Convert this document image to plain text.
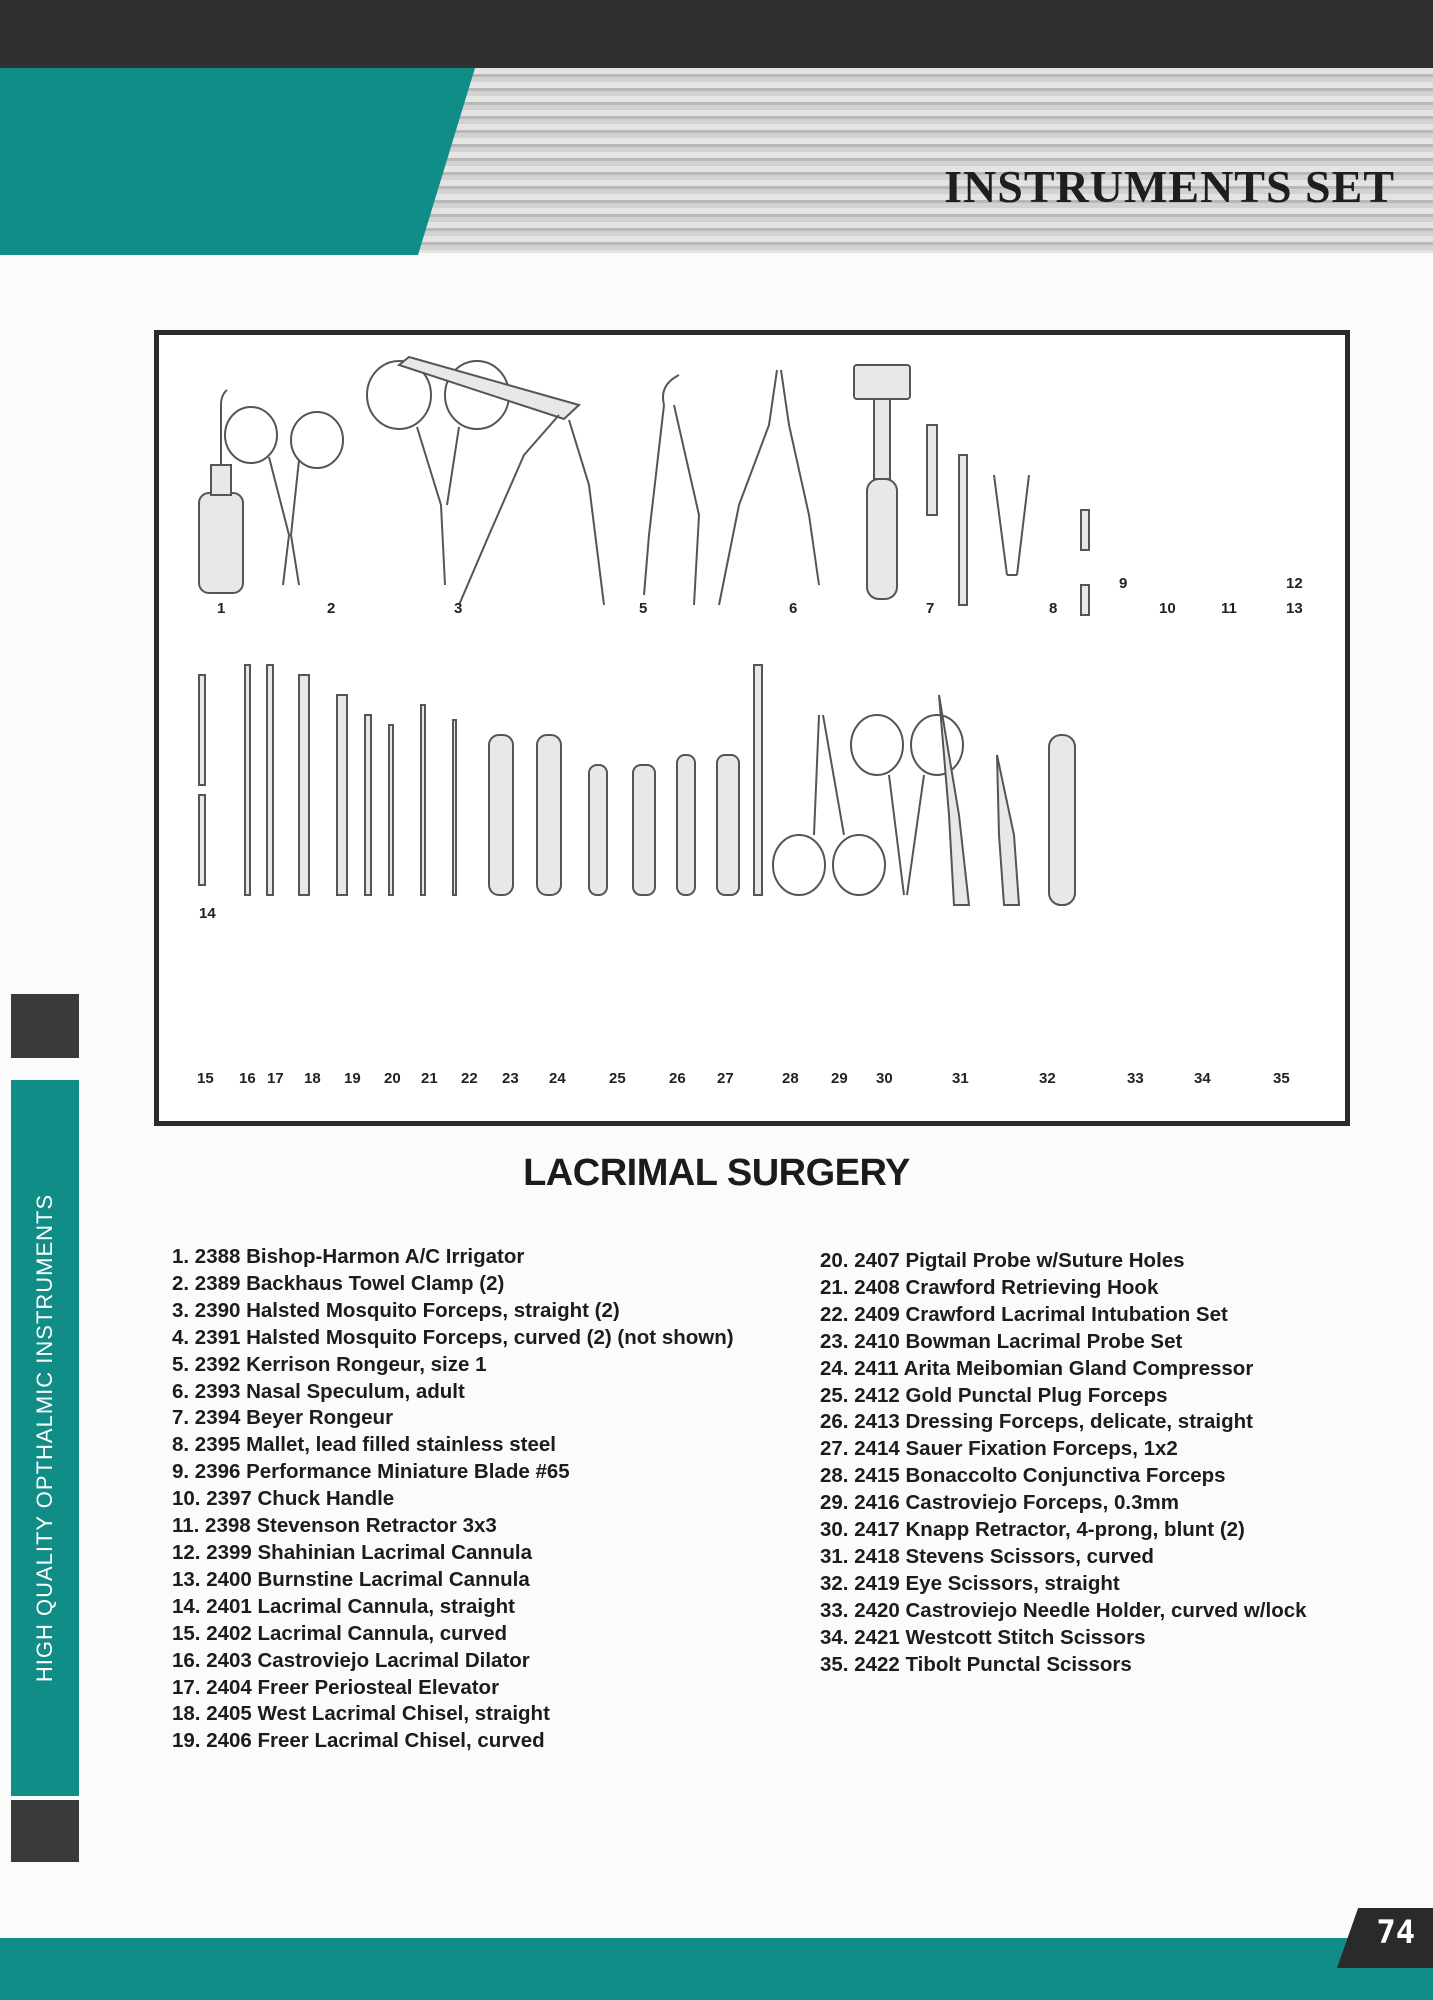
INSTRUMENTS SET
HIGH QUALITY OPTHALMIC INSTRUMENTS
1	2	3	5	6	7	8
9
10	11
12
13
14
15 16 17 18 19 20 21 22 23 24	25	26 27	28 29 30	31	32	33	34	35
LACRIMAL SURGERY
1. 2388 Bishop-Harmon A/C Irrigator
2. 2389 Backhaus Towel Clamp (2)
3. 2390 Halsted Mosquito Forceps, straight (2)
4. 2391 Halsted Mosquito Forceps, curved (2) (not shown)
5. 2392 Kerrison Rongeur, size 1
6. 2393 Nasal Speculum, adult
7. 2394 Beyer Rongeur
8. 2395 Mallet, lead filled stainless steel
9. 2396 Performance Miniature Blade #65
10. 2397 Chuck Handle
11. 2398 Stevenson Retractor 3x3
12. 2399 Shahinian Lacrimal Cannula
13. 2400 Burnstine Lacrimal Cannula
14. 2401 Lacrimal Cannula, straight
15. 2402 Lacrimal Cannula, curved
16. 2403 Castroviejo Lacrimal Dilator
17. 2404 Freer Periosteal Elevator
18. 2405 West Lacrimal Chisel, straight
19. 2406 Freer Lacrimal Chisel, curved
20. 2407 Pigtail Probe w/Suture Holes
21. 2408 Crawford Retrieving Hook
22. 2409 Crawford Lacrimal Intubation Set
23. 2410 Bowman Lacrimal Probe Set
24. 2411 Arita Meibomian Gland Compressor
25. 2412 Gold Punctal Plug Forceps
26. 2413 Dressing Forceps, delicate, straight
27. 2414 Sauer Fixation Forceps, 1x2
28. 2415 Bonaccolto Conjunctiva Forceps
29. 2416 Castroviejo Forceps, 0.3mm
30. 2417 Knapp Retractor, 4-prong, blunt (2)
31. 2418 Stevens Scissors, curved
32. 2419 Eye Scissors, straight
33. 2420 Castroviejo Needle Holder, curved w/lock
34. 2421 Westcott Stitch Scissors
35. 2422 Tibolt Punctal Scissors
74
